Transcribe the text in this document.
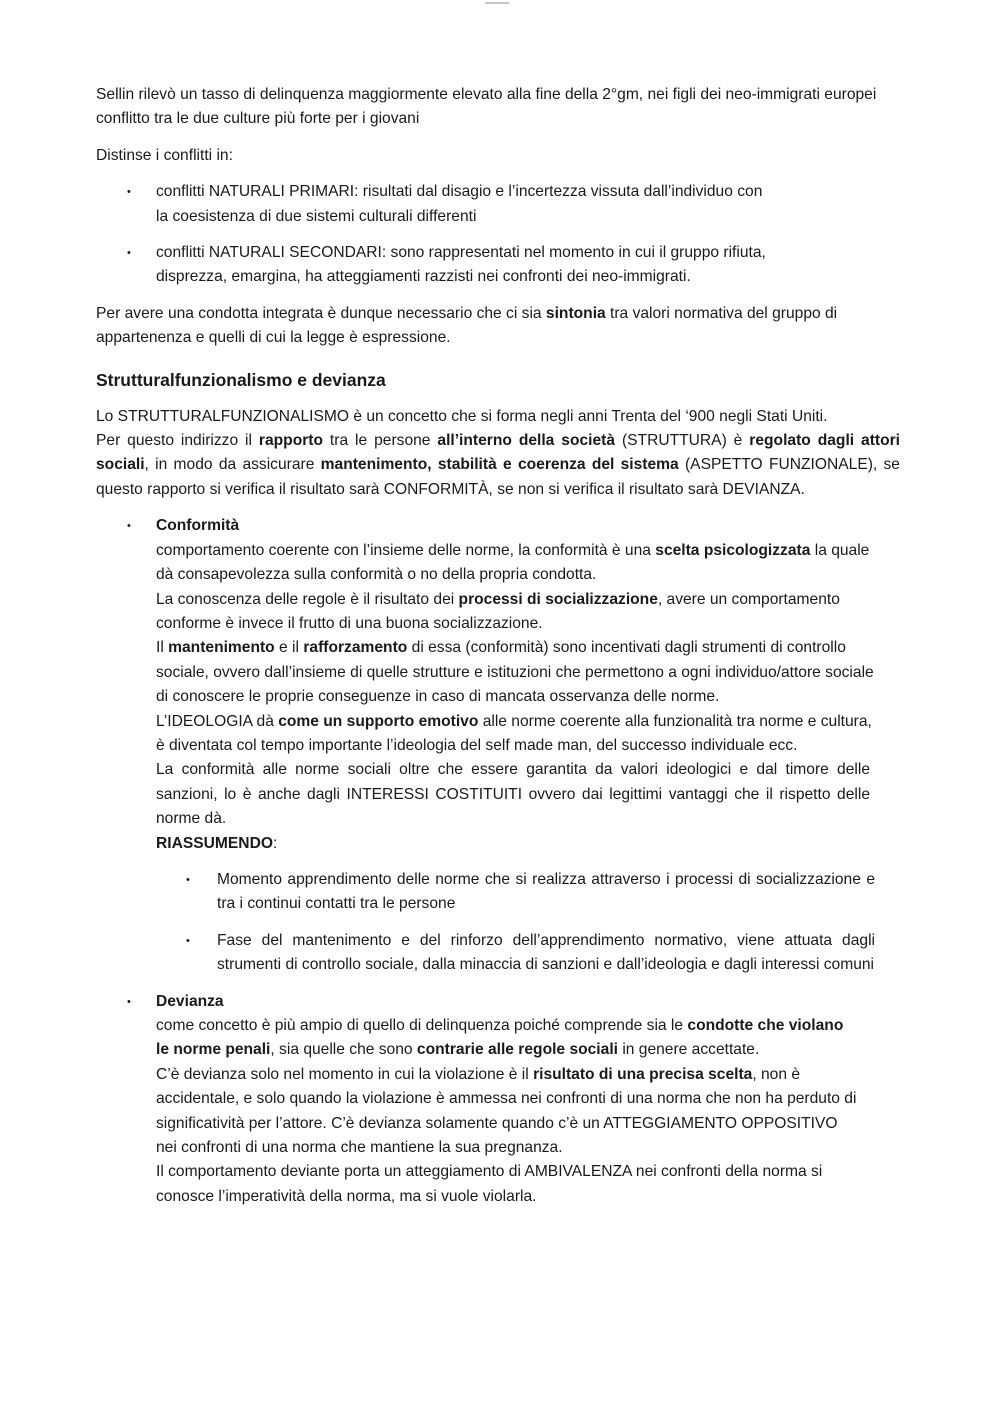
Sellin rilevò un tasso di delinquenza maggiormente elevato alla fine della 2°gm, nei figli dei neo-immigrati europei conflitto tra le due culture più forte per i giovani

Distinse i conflitti in:

• conflitti NATURALI PRIMARI: risultati dal disagio e l’incertezza vissuta dall’individuo con
la coesistenza di due sistemi culturali differenti
• conflitti NATURALI SECONDARI: sono rappresentati nel momento in cui il gruppo rifiuta,
disprezza, emargina, ha atteggiamenti razzisti nei confronti dei neo-immigrati.

Per avere una condotta integrata è dunque necessario che ci sia sintonia tra valori normativa del gruppo di appartenenza e quelli di cui la legge è espressione.

Strutturalfunzionalismo e devianza

Lo STRUTTURALFUNZIONALISMO è un concetto che si forma negli anni Trenta del ‘900 negli Stati Uniti.
Per questo indirizzo il rapporto tra le persone all’interno della società (STRUTTURA) è regolato dagli attori sociali, in modo da assicurare mantenimento, stabilità e coerenza del sistema (ASPETTO FUNZIONALE), se questo rapporto si verifica il risultato sarà CONFORMITÀ, se non si verifica il risultato sarà DEVIANZA.

• Conformità
comportamento coerente con l’insieme delle norme, la conformità è una scelta psicologizzata la quale dà consapevolezza sulla conformità o no della propria condotta.
La conoscenza delle regole è il risultato dei processi di socializzazione, avere un comportamento conforme è invece il frutto di una buona socializzazione.
Il mantenimento e il rafforzamento di essa (conformità) sono incentivati dagli strumenti di controllo sociale, ovvero dall’insieme di quelle strutture e istituzioni che permettono a ogni individuo/attore sociale di conoscere le proprie conseguenze in caso di mancata osservanza delle norme.
L’IDEOLOGIA dà come un supporto emotivo alle norme coerente alla funzionalità tra norme e cultura, è diventata col tempo importante l’ideologia del self made man, del successo individuale ecc.
La conformità alle norme sociali oltre che essere garantita da valori ideologici e dal timore delle sanzioni, lo è anche dagli INTERESSI COSTITUITI ovvero dai legittimi vantaggi che il rispetto delle norme dà.
RIASSUMENDO:
• Momento apprendimento delle norme che si realizza attraverso i processi di socializzazione e tra i continui contatti tra le persone
• Fase del mantenimento e del rinforzo dell’apprendimento normativo, viene attuata dagli strumenti di controllo sociale, dalla minaccia di sanzioni e dall’ideologia e dagli interessi comuni
• Devianza
come concetto è più ampio di quello di delinquenza poiché comprende sia le condotte che violano le norme penali, sia quelle che sono contrarie alle regole sociali in genere accettate.
C’è devianza solo nel momento in cui la violazione è il risultato di una precisa scelta, non è accidentale, e solo quando la violazione è ammessa nei confronti di una norma che non ha perduto di significatività per l’attore. C’è devianza solamente quando c’è un ATTEGGIAMENTO OPPOSITIVO nei confronti di una norma che mantiene la sua pregnanza.
Il comportamento deviante porta un atteggiamento di AMBIVALENZA nei confronti della norma si conosce l’imperatività della norma, ma si vuole violarla.
